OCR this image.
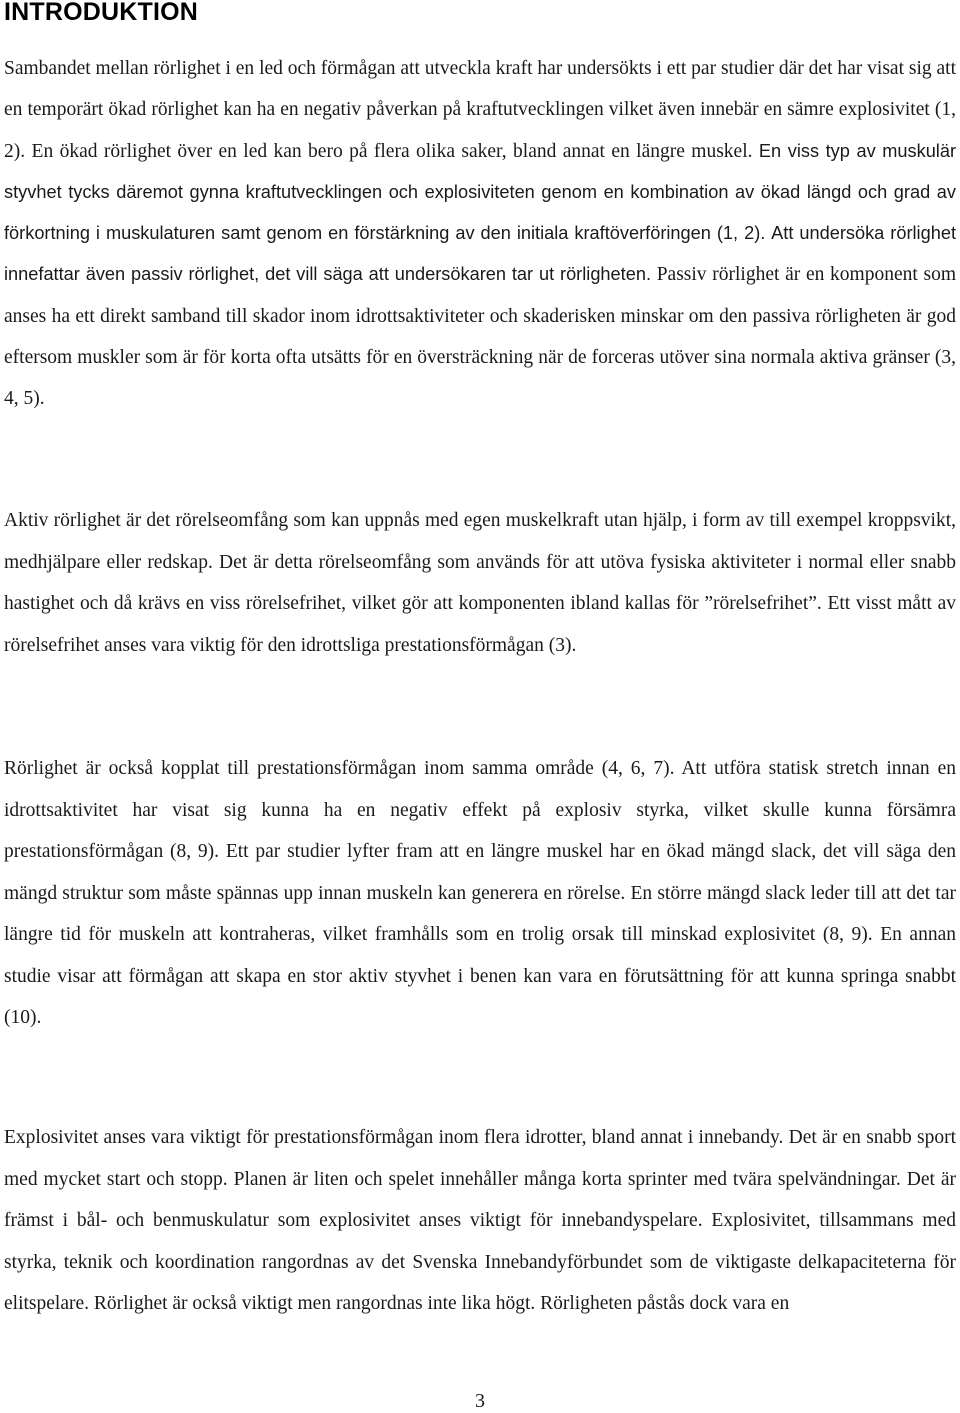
INTRODUKTION

Sambandet mellan rörlighet i en led och förmågan att utveckla kraft har undersökts i ett par studier där det har visat sig att en temporärt ökad rörlighet kan ha en negativ påverkan på kraftutvecklingen vilket även innebär en sämre explosivitet (1, 2). En ökad rörlighet över en led kan bero på flera olika saker, bland annat en längre muskel. En viss typ av muskulär styvhet tycks däremot gynna kraftutvecklingen och explosiviteten genom en kombination av ökad längd och grad av förkortning i muskulaturen samt genom en förstärkning av den initiala kraftöverföringen (1, 2). Att undersöka rörlighet innefattar även passiv rörlighet, det vill säga att undersökaren tar ut rörligheten. Passiv rörlighet är en komponent som anses ha ett direkt samband till skador inom idrottsaktiviteter och skaderisken minskar om den passiva rörligheten är god eftersom muskler som är för korta ofta utsätts för en översträckning när de forceras utöver sina normala aktiva gränser (3, 4, 5).

Aktiv rörlighet är det rörelseomfång som kan uppnås med egen muskelkraft utan hjälp, i form av till exempel kroppsvikt, medhjälpare eller redskap. Det är detta rörelseomfång som används för att utöva fysiska aktiviteter i normal eller snabb hastighet och då krävs en viss rörelsefrihet, vilket gör att komponenten ibland kallas för ”rörelsefrihet”. Ett visst mått av rörelsefrihet anses vara viktig för den idrottsliga prestationsförmågan (3).

Rörlighet är också kopplat till prestationsförmågan inom samma område (4, 6, 7). Att utföra statisk stretch innan en idrottsaktivitet har visat sig kunna ha en negativ effekt på explosiv styrka, vilket skulle kunna försämra prestationsförmågan (8, 9). Ett par studier lyfter fram att en längre muskel har en ökad mängd slack, det vill säga den mängd struktur som måste spännas upp innan muskeln kan generera en rörelse. En större mängd slack leder till att det tar längre tid för muskeln att kontraheras, vilket framhålls som en trolig orsak till minskad explosivitet (8, 9). En annan studie visar att förmågan att skapa en stor aktiv styvhet i benen kan vara en förutsättning för att kunna springa snabbt (10).

Explosivitet anses vara viktigt för prestationsförmågan inom flera idrotter, bland annat i innebandy. Det är en snabb sport med mycket start och stopp. Planen är liten och spelet innehåller många korta sprinter med tvära spelvändningar. Det är främst i bål- och benmuskulatur som explosivitet anses viktigt för innebandyspelare. Explosivitet, tillsammans med styrka, teknik och koordination rangordnas av det Svenska Innebandyförbundet som de viktigaste delkapaciteterna för elitspelare. Rörlighet är också viktigt men rangordnas inte lika högt. Rörligheten påstås dock vara en

3
